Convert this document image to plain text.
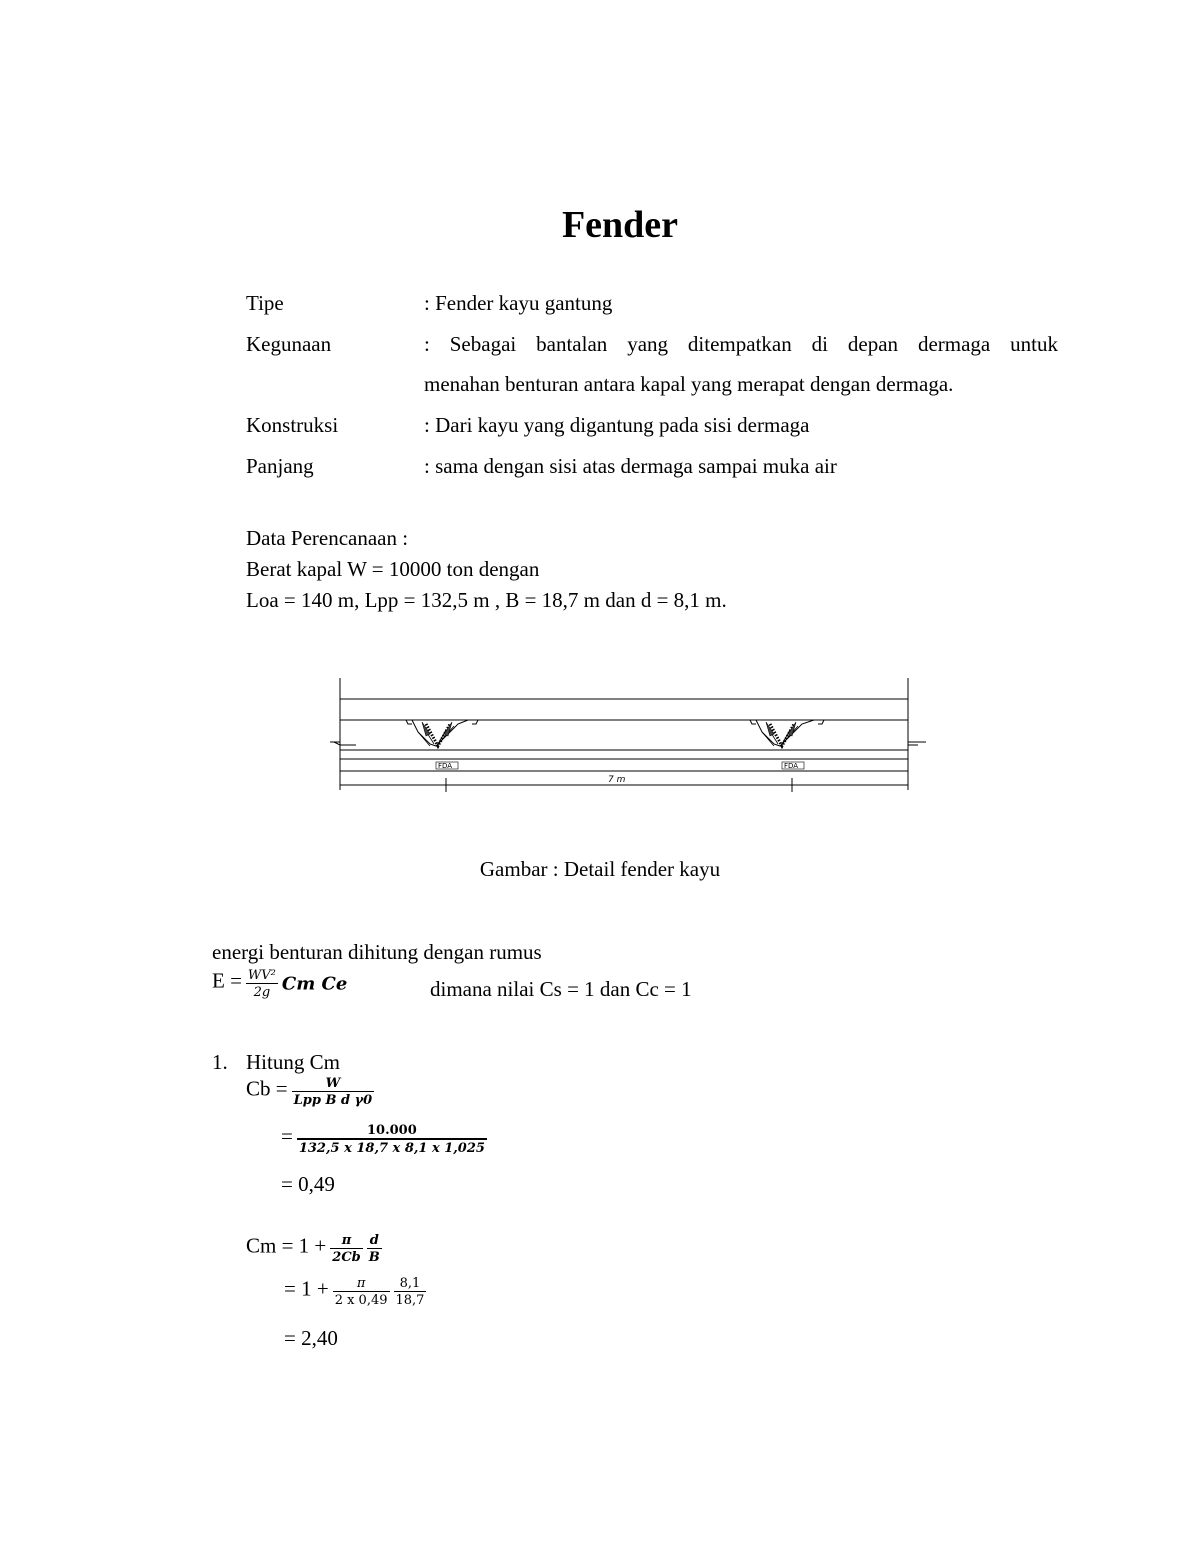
Fender
Tipe	: Fender kayu gantung
Kegunaan	: Sebagai bantalan yang ditempatkan di depan dermaga untuk
menahan benturan antara kapal yang merapat dengan dermaga.
Konstruksi	: Dari kayu yang digantung pada sisi dermaga
Panjang	: sama dengan sisi atas dermaga sampai muka air
Data Perencanaan :
Berat kapal W = 10000 ton dengan
Loa = 140 m, Lpp = 132,5 m , B = 18,7 m dan d = 8,1 m.
FDA	FDA
7 m
Gambar : Detail fender kayu
energi benturan dihitung dengan rumus
$E = \frac{\text{WV²}}{2g}$ Cm Ce	dimana nilai Cs = 1 dan Cc = 1
1. Hitung Cm
$Cb = \frac{W}{\text{Lpp B d γ0}}$
= $\frac{10.000}{132,5 x 18,7 x 8,1 x 1,025}$
= 0,49
$Cm = 1 + \frac{\pi}{2Cb}$
$\frac{d}{B}$
= $1 + \frac{\pi}{2 x 0,49}$
$\frac{8,1}{18,7}$
= 2,40
